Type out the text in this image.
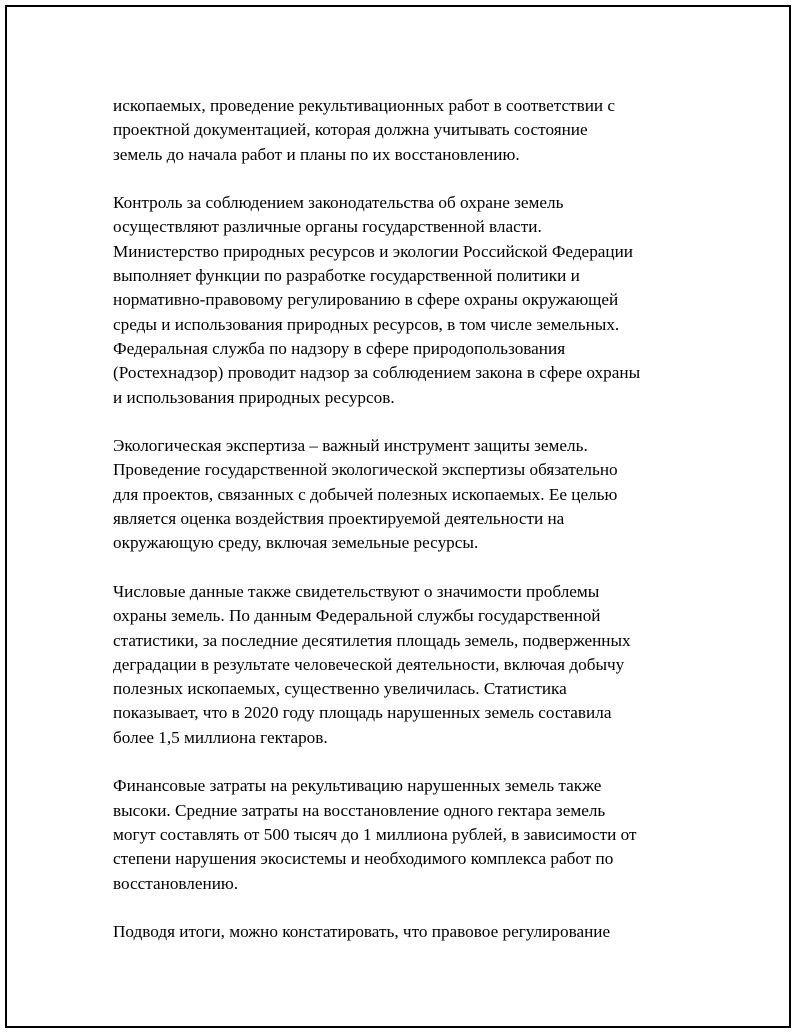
ископаемых, проведение рекультивационных работ в соответствии с
проектной документацией, которая должна учитывать состояние
земель до начала работ и планы по их восстановлению.

Контроль за соблюдением законодательства об охране земель
осуществляют различные органы государственной власти.
Министерство природных ресурсов и экологии Российской Федерации
выполняет функции по разработке государственной политики и
нормативно-правовому регулированию в сфере охраны окружающей
среды и использования природных ресурсов, в том числе земельных.
Федеральная служба по надзору в сфере природопользования
(Ростехнадзор) проводит надзор за соблюдением закона в сфере охраны
и использования природных ресурсов.

Экологическая экспертиза – важный инструмент защиты земель.
Проведение государственной экологической экспертизы обязательно
для проектов, связанных с добычей полезных ископаемых. Ее целью
является оценка воздействия проектируемой деятельности на
окружающую среду, включая земельные ресурсы.

Числовые данные также свидетельствуют о значимости проблемы
охраны земель. По данным Федеральной службы государственной
статистики, за последние десятилетия площадь земель, подверженных
деградации в результате человеческой деятельности, включая добычу
полезных ископаемых, существенно увеличилась. Статистика
показывает, что в 2020 году площадь нарушенных земель составила
более 1,5 миллиона гектаров.

Финансовые затраты на рекультивацию нарушенных земель также
высоки. Средние затраты на восстановление одного гектара земель
могут составлять от 500 тысяч до 1 миллиона рублей, в зависимости от
степени нарушения экосистемы и необходимого комплекса работ по
восстановлению.

Подводя итоги, можно констатировать, что правовое регулирование
